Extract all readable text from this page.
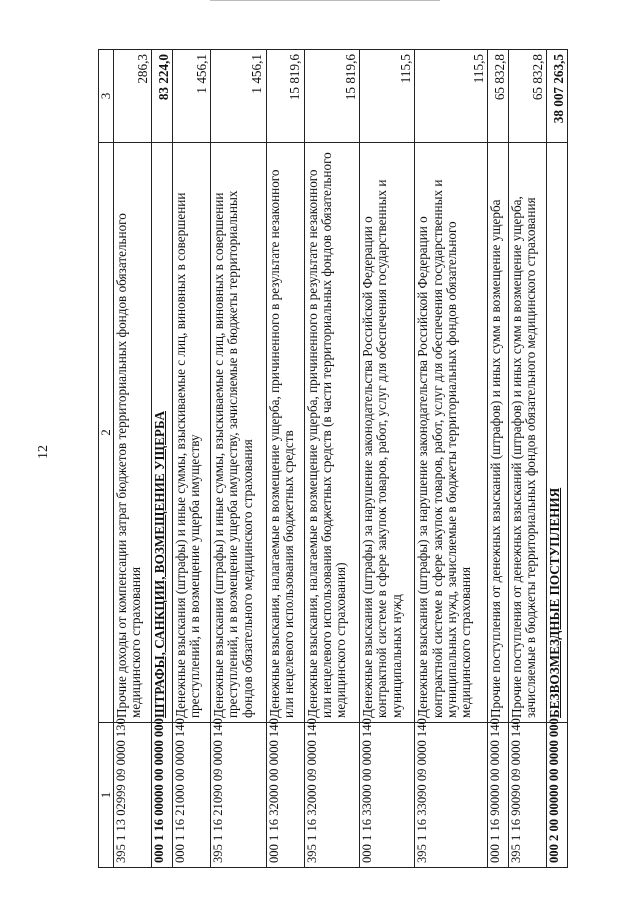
12
1	2	3
395 1 13 02999 09 0000 130	Прочие доходы от компенсации затрат бюджетов территориальных фондов обязательного медицинского страхования	286,3
000 1 16 00000 00 0000 000	ШТРАФЫ, САНКЦИИ, ВОЗМЕЩЕНИЕ УЩЕРБА	83 224,0
000 1 16 21000 00 0000 140	Денежные взыскания (штрафы) и иные суммы, взыскиваемые с лиц, виновных в совершении преступлений, и в возмещение ущерба имуществу	1 456,1
395 1 16 21090 09 0000 140	Денежные взыскания (штрафы) и иные суммы, взыскиваемые с лиц, виновных в совершении преступлений, и в возмещение ущерба имуществу, зачисляемые в бюджеты территориальных фондов обязательного медицинского страхования	1 456,1
000 1 16 32000 00 0000 140	Денежные взыскания, налагаемые в возмещение ущерба, причиненного в результате незаконного или нецелевого использования бюджетных средств	15 819,6
395 1 16 32000 09 0000 140	Денежные взыскания, налагаемые в возмещение ущерба, причиненного в результате незаконного или нецелевого использования бюджетных средств (в части территориальных фондов обязательного медицинского страхования)	15 819,6
000 1 16 33000 00 0000 140	Денежные взыскания (штрафы) за нарушение законодательства Российской Федерации о контрактной системе в сфере закупок товаров, работ, услуг для обеспечения государственных и муниципальных нужд	115,5
395 1 16 33090 09 0000 140	Денежные взыскания (штрафы) за нарушение законодательства Российской Федерации о контрактной системе в сфере закупок товаров, работ, услуг для обеспечения государственных и муниципальных нужд, зачисляемые в бюджеты территориальных фондов обязательного медицинского страхования	115,5
000 1 16 90000 00 0000 140	Прочие поступления от денежных взысканий (штрафов) и иных сумм в возмещение ущерба	65 832,8
395 1 16 90090 09 0000 140	Прочие поступления от денежных взысканий (штрафов) и иных сумм в возмещение ущерба, зачисляемые в бюджеты территориальных фондов обязательного медицинского страхования	65 832,8
000 2 00 00000 00 0000 000	БЕЗВОЗМЕЗДНЫЕ ПОСТУПЛЕНИЯ	38 007 263,5
